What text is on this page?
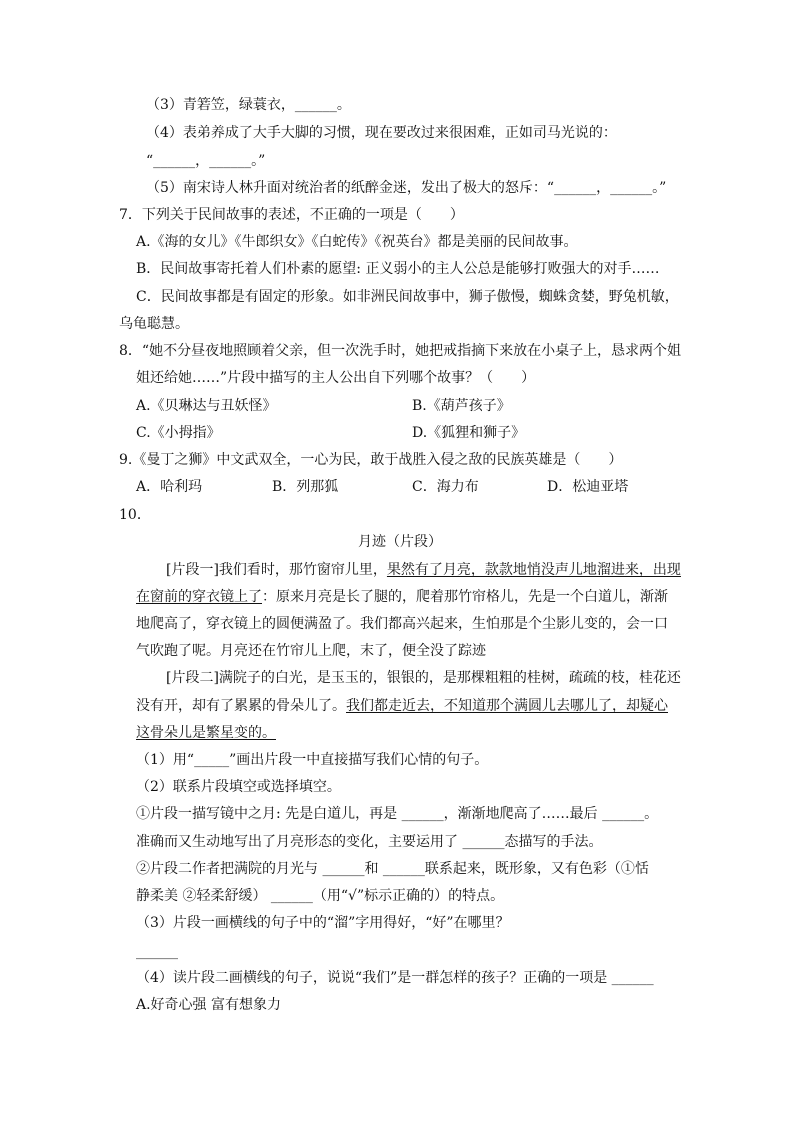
（3）青箬笠，绿蓑衣，______。
（4）表弟养成了大手大脚的习惯，现在要改过来很困难，正如司马光说的：
“______，______。”
（5）南宋诗人林升面对统治者的纸醉金迷，发出了极大的怒斥：“______，______。”
7．下列关于民间故事的表述，不正确的一项是（　　）
A.《海的女儿》《牛郎织女》《白蛇传》《祝英台》都是美丽的民间故事。
B．民间故事寄托着人们朴素的愿望: 正义弱小的主人公总是能够打败强大的对手……
C．民间故事都是有固定的形象。如非洲民间故事中，狮子傲慢，蜘蛛贪婪，野兔机敏，
乌龟聪慧。
8．“她不分昼夜地照顾着父亲，但一次洗手时，她把戒指摘下来放在小桌子上，恳求两个姐
姐还给她……”片段中描写的主人公出自下列哪个故事？（　　）
A.《贝琳达与丑妖怪》	B.《葫芦孩子》
C.《小拇指》	D.《狐狸和狮子》
9.《曼丁之狮》中文武双全，一心为民，敢于战胜入侵之敌的民族英雄是（　　）
A．哈利玛	B．列那狐	C．海力布	D．松迪亚塔
10．
月迹（片段）
[片段一]我们看时，那竹窗帘儿里，果然有了月亮，款款地悄没声儿地溜进来，出现
在窗前的穿衣镜上了：原来月亮是长了腿的，爬着那竹帘格儿，先是一个白道儿，渐渐
地爬高了，穿衣镜上的圆便满盈了。我们都高兴起来，生怕那是个尘影儿变的，会一口
气吹跑了呢。月亮还在竹帘儿上爬，末了，便全没了踪迹
[片段二]满院子的白光，是玉玉的，银银的，是那棵粗粗的桂树，疏疏的枝，桂花还
没有开，却有了累累的骨朵儿了。我们都走近去，不知道那个满圆儿去哪儿了，却疑心
这骨朵儿是繁星变的。
（1）用“_____”画出片段一中直接描写我们心情的句子。
（2）联系片段填空或选择填空。
①片段一描写镜中之月: 先是白道儿，再是 ______，渐渐地爬高了……最后 ______。
准确而又生动地写出了月亮形态的变化，主要运用了 ______态描写的手法。
②片段二作者把满院的月光与 ______和 ______联系起来，既形象，又有色彩（①恬
静柔美 ②轻柔舒缓） ______（用“√”标示正确的）的特点。
（3）片段一画横线的句子中的“溜”字用得好，“好”在哪里？
______
（4）读片段二画横线的句子，说说“我们”是一群怎样的孩子？正确的一项是 ______
A.好奇心强 富有想象力
